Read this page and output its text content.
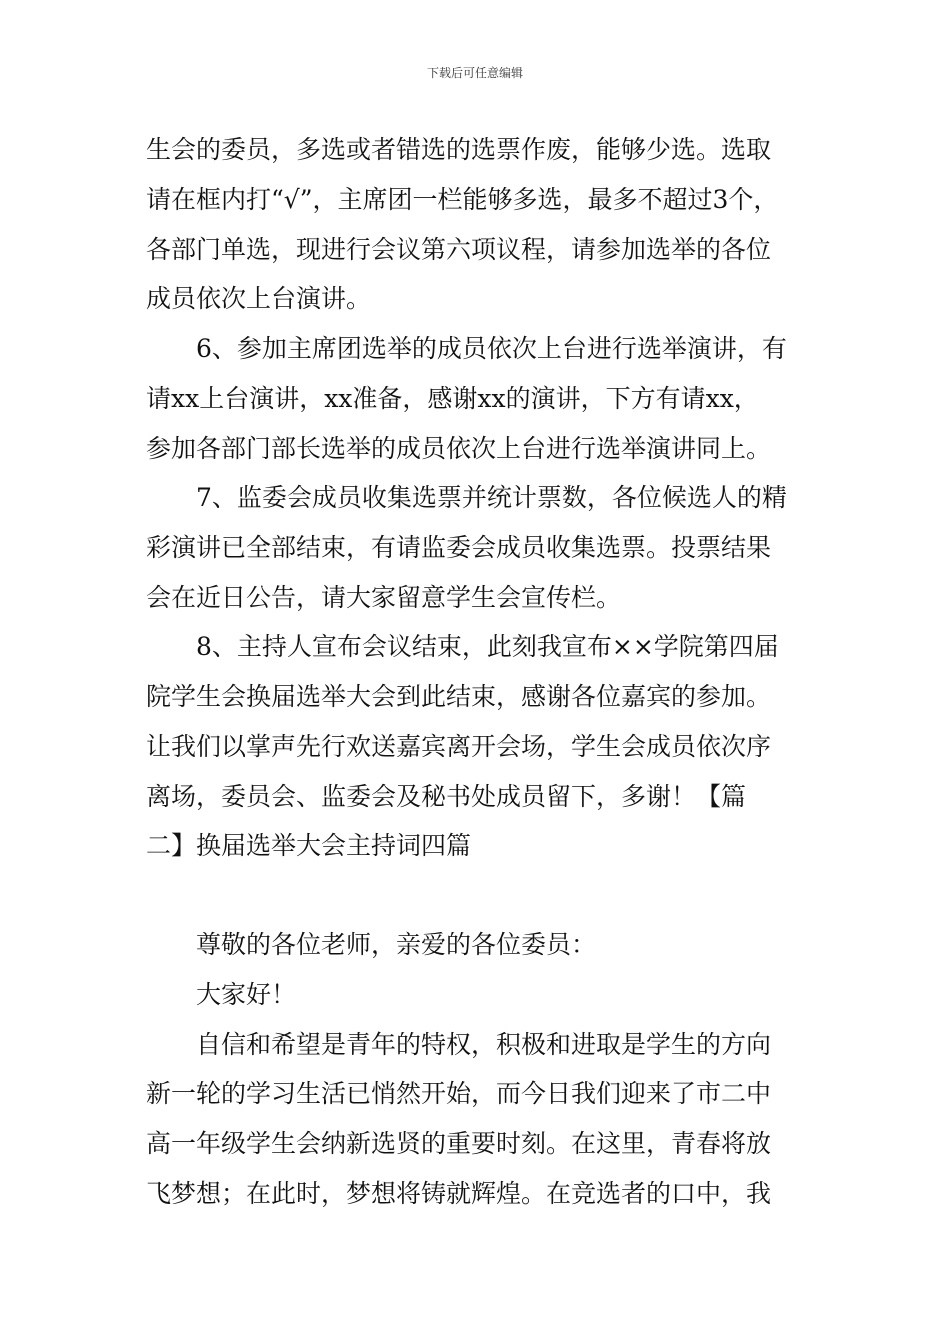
下载后可任意编辑
生会的委员，多选或者错选的选票作废，能够少选。选取
请在框内打“√”，主席团一栏能够多选，最多不超过3个，
各部门单选，现进行会议第六项议程，请参加选举的各位
成员依次上台演讲。
6、参加主席团选举的成员依次上台进行选举演讲，有
请xx上台演讲，xx准备，感谢xx的演讲，下方有请xx，
参加各部门部长选举的成员依次上台进行选举演讲同上。
7、监委会成员收集选票并统计票数，各位候选人的精
彩演讲已全部结束，有请监委会成员收集选票。投票结果
会在近日公告，请大家留意学生会宣传栏。
8、主持人宣布会议结束，此刻我宣布××学院第四届
院学生会换届选举大会到此结束，感谢各位嘉宾的参加。
让我们以掌声先行欢送嘉宾离开会场，学生会成员依次序
离场，委员会、监委会及秘书处成员留下，多谢！【篇
二】换届选举大会主持词四篇
尊敬的各位老师，亲爱的各位委员：
大家好！
自信和希望是青年的特权，积极和进取是学生的方向
新一轮的学习生活已悄然开始，而今日我们迎来了市二中
高一年级学生会纳新选贤的重要时刻。在这里，青春将放
飞梦想；在此时，梦想将铸就辉煌。在竞选者的口中，我
